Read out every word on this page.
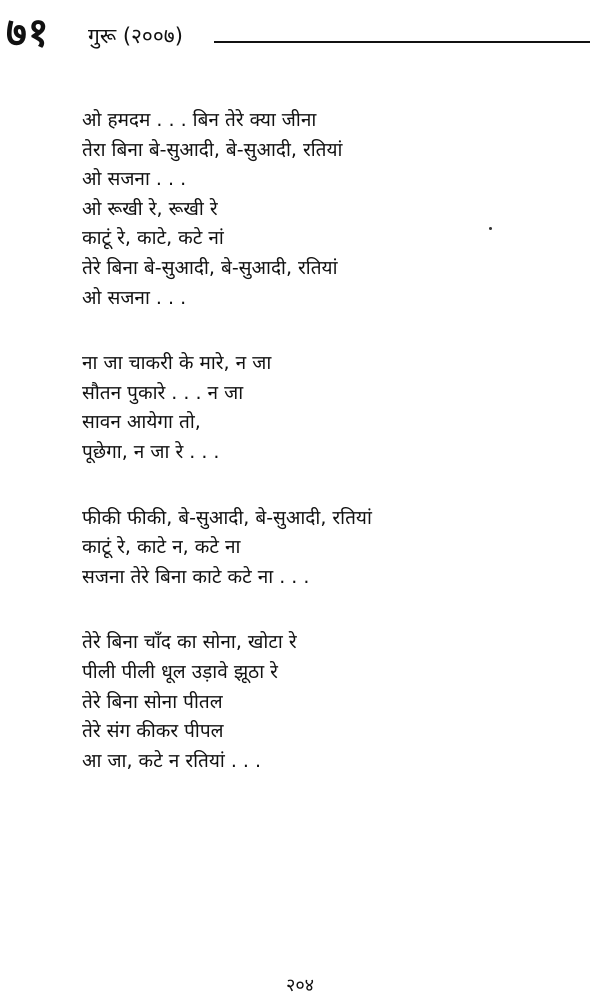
७१ गुरू (२००७)
ओ हमदम . . . बिन तेरे क्या जीना
तेरा बिना बे-सुआदी, बे-सुआदी, रतियां
ओ सजना . . .
ओ रूखी रे, रूखी रे
काटूं रे, काटे, कटे नां
तेरे बिना बे-सुआदी, बे-सुआदी, रतियां
ओ सजना . . .
ना जा चाकरी के मारे, न जा
सौतन पुकारे . . . न जा
सावन आयेगा तो,
पूछेगा, न जा रे . . .
फीकी फीकी, बे-सुआदी, बे-सुआदी, रतियां
काटूं रे, काटे न, कटे ना
सजना तेरे बिना काटे कटे ना . . .
तेरे बिना चाँद का सोना, खोटा रे
पीली पीली धूल उड़ावे झूठा रे
तेरे बिना सोना पीतल
तेरे संग कीकर पीपल
आ जा, कटे न रतियां . . .
२०४
